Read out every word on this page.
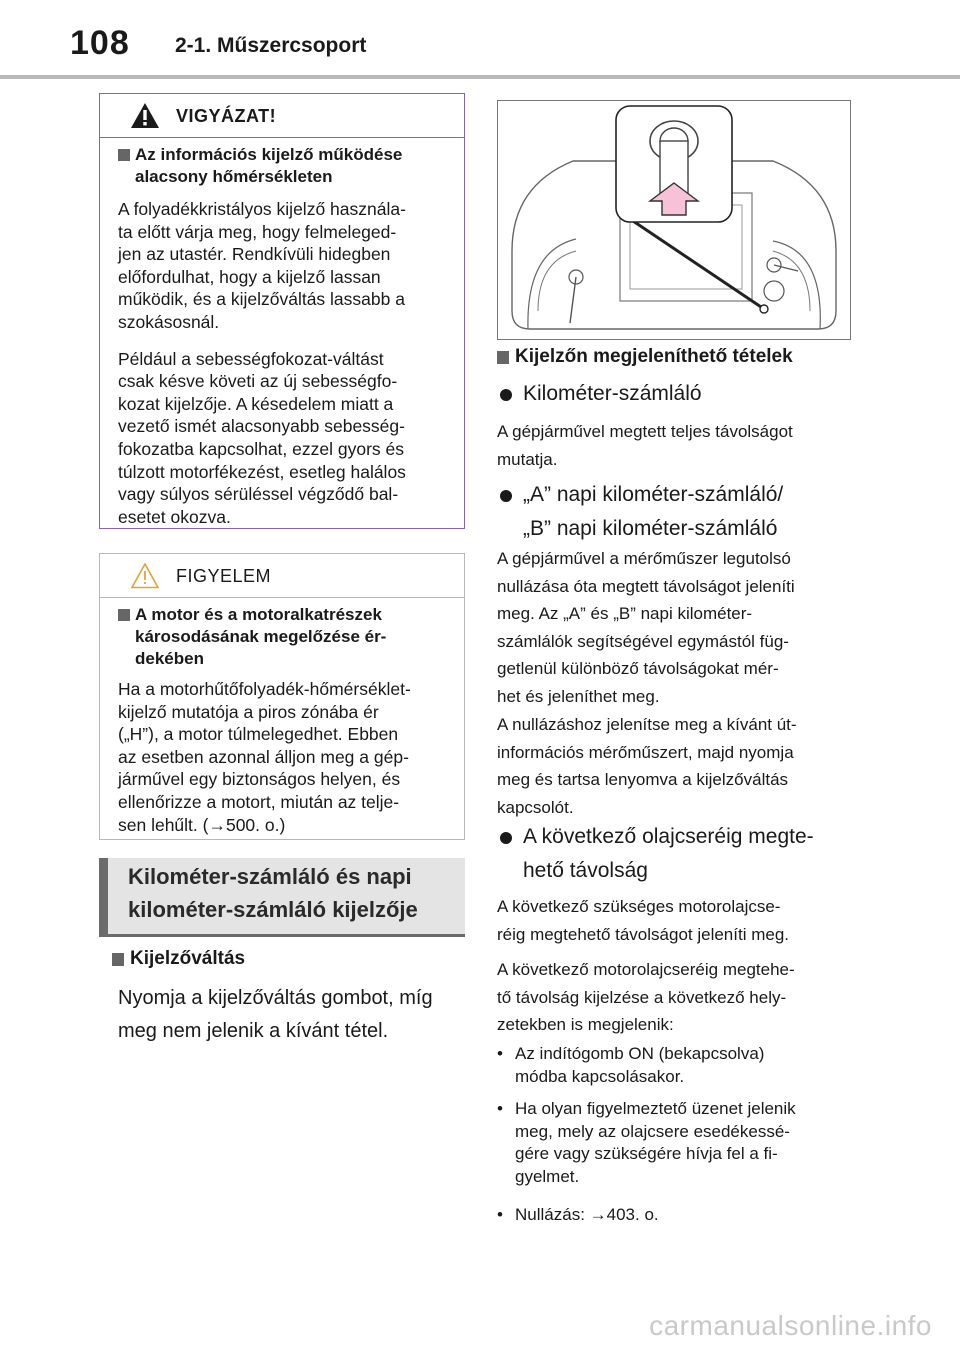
108 2-1. Műszercsoport
VIGYÁZAT!
Az információs kijelző működése
alacsony hőmérsékleten
A folyadékkristályos kijelző használa-
ta előtt várja meg, hogy felmeleged-
jen az utastér. Rendkívüli hidegben
előfordulhat, hogy a kijelző lassan
működik, és a kijelzőváltás lassabb a
szokásosnál.
Például a sebességfokozat-váltást
csak késve követi az új sebességfo-
kozat kijelzője. A késedelem miatt a
vezető ismét alacsonyabb sebesség-
fokozatba kapcsolhat, ezzel gyors és
túlzott motorfékezést, esetleg halálos
vagy súlyos sérüléssel végződő bal-
esetet okozva.
FIGYELEM
A motor és a motoralkatrészek
károsodásának megelőzése ér-
dekében
Ha a motorhűtőfolyadék-hőmérséklet-
kijelző mutatója a piros zónába ér
(„H”), a motor túlmelegedhet. Ebben
az esetben azonnal álljon meg a gép-
járművel egy biztonságos helyen, és
ellenőrizze a motort, miután az telje-
sen lehűlt. (→500. o.)
Kilométer-számláló és napi
kilométer-számláló kijelzője
Kijelzőváltás
Nyomja a kijelzőváltás gombot, míg
meg nem jelenik a kívánt tétel.
Kijelzőn megjeleníthető tételek
Kilométer-számláló
A gépjárművel megtett teljes távolságot
mutatja.
„A” napi kilométer-számláló/
„B” napi kilométer-számláló
A gépjárművel a mérőműszer legutolsó
nullázása óta megtett távolságot jeleníti
meg. Az „A” és „B” napi kilométer-
számlálók segítségével egymástól füg-
getlenül különböző távolságokat mér-
het és jeleníthet meg.
A nullázáshoz jelenítse meg a kívánt út-
információs mérőműszert, majd nyomja
meg és tartsa lenyomva a kijelzőváltás
kapcsolót.
A következő olajcseréig megte-
hető távolság
A következő szükséges motorolajcse-
réig megtehető távolságot jeleníti meg.
A következő motorolajcseréig megtehe-
tő távolság kijelzése a következő hely-
zetekben is megjelenik:
• Az indítógomb ON (bekapcsolva)
módba kapcsolásakor.
• Ha olyan figyelmeztető üzenet jelenik
meg, mely az olajcsere esedékessé-
gére vagy szükségére hívja fel a fi-
gyelmet.
• Nullázás: →403. o.
carmanualsonline.info
